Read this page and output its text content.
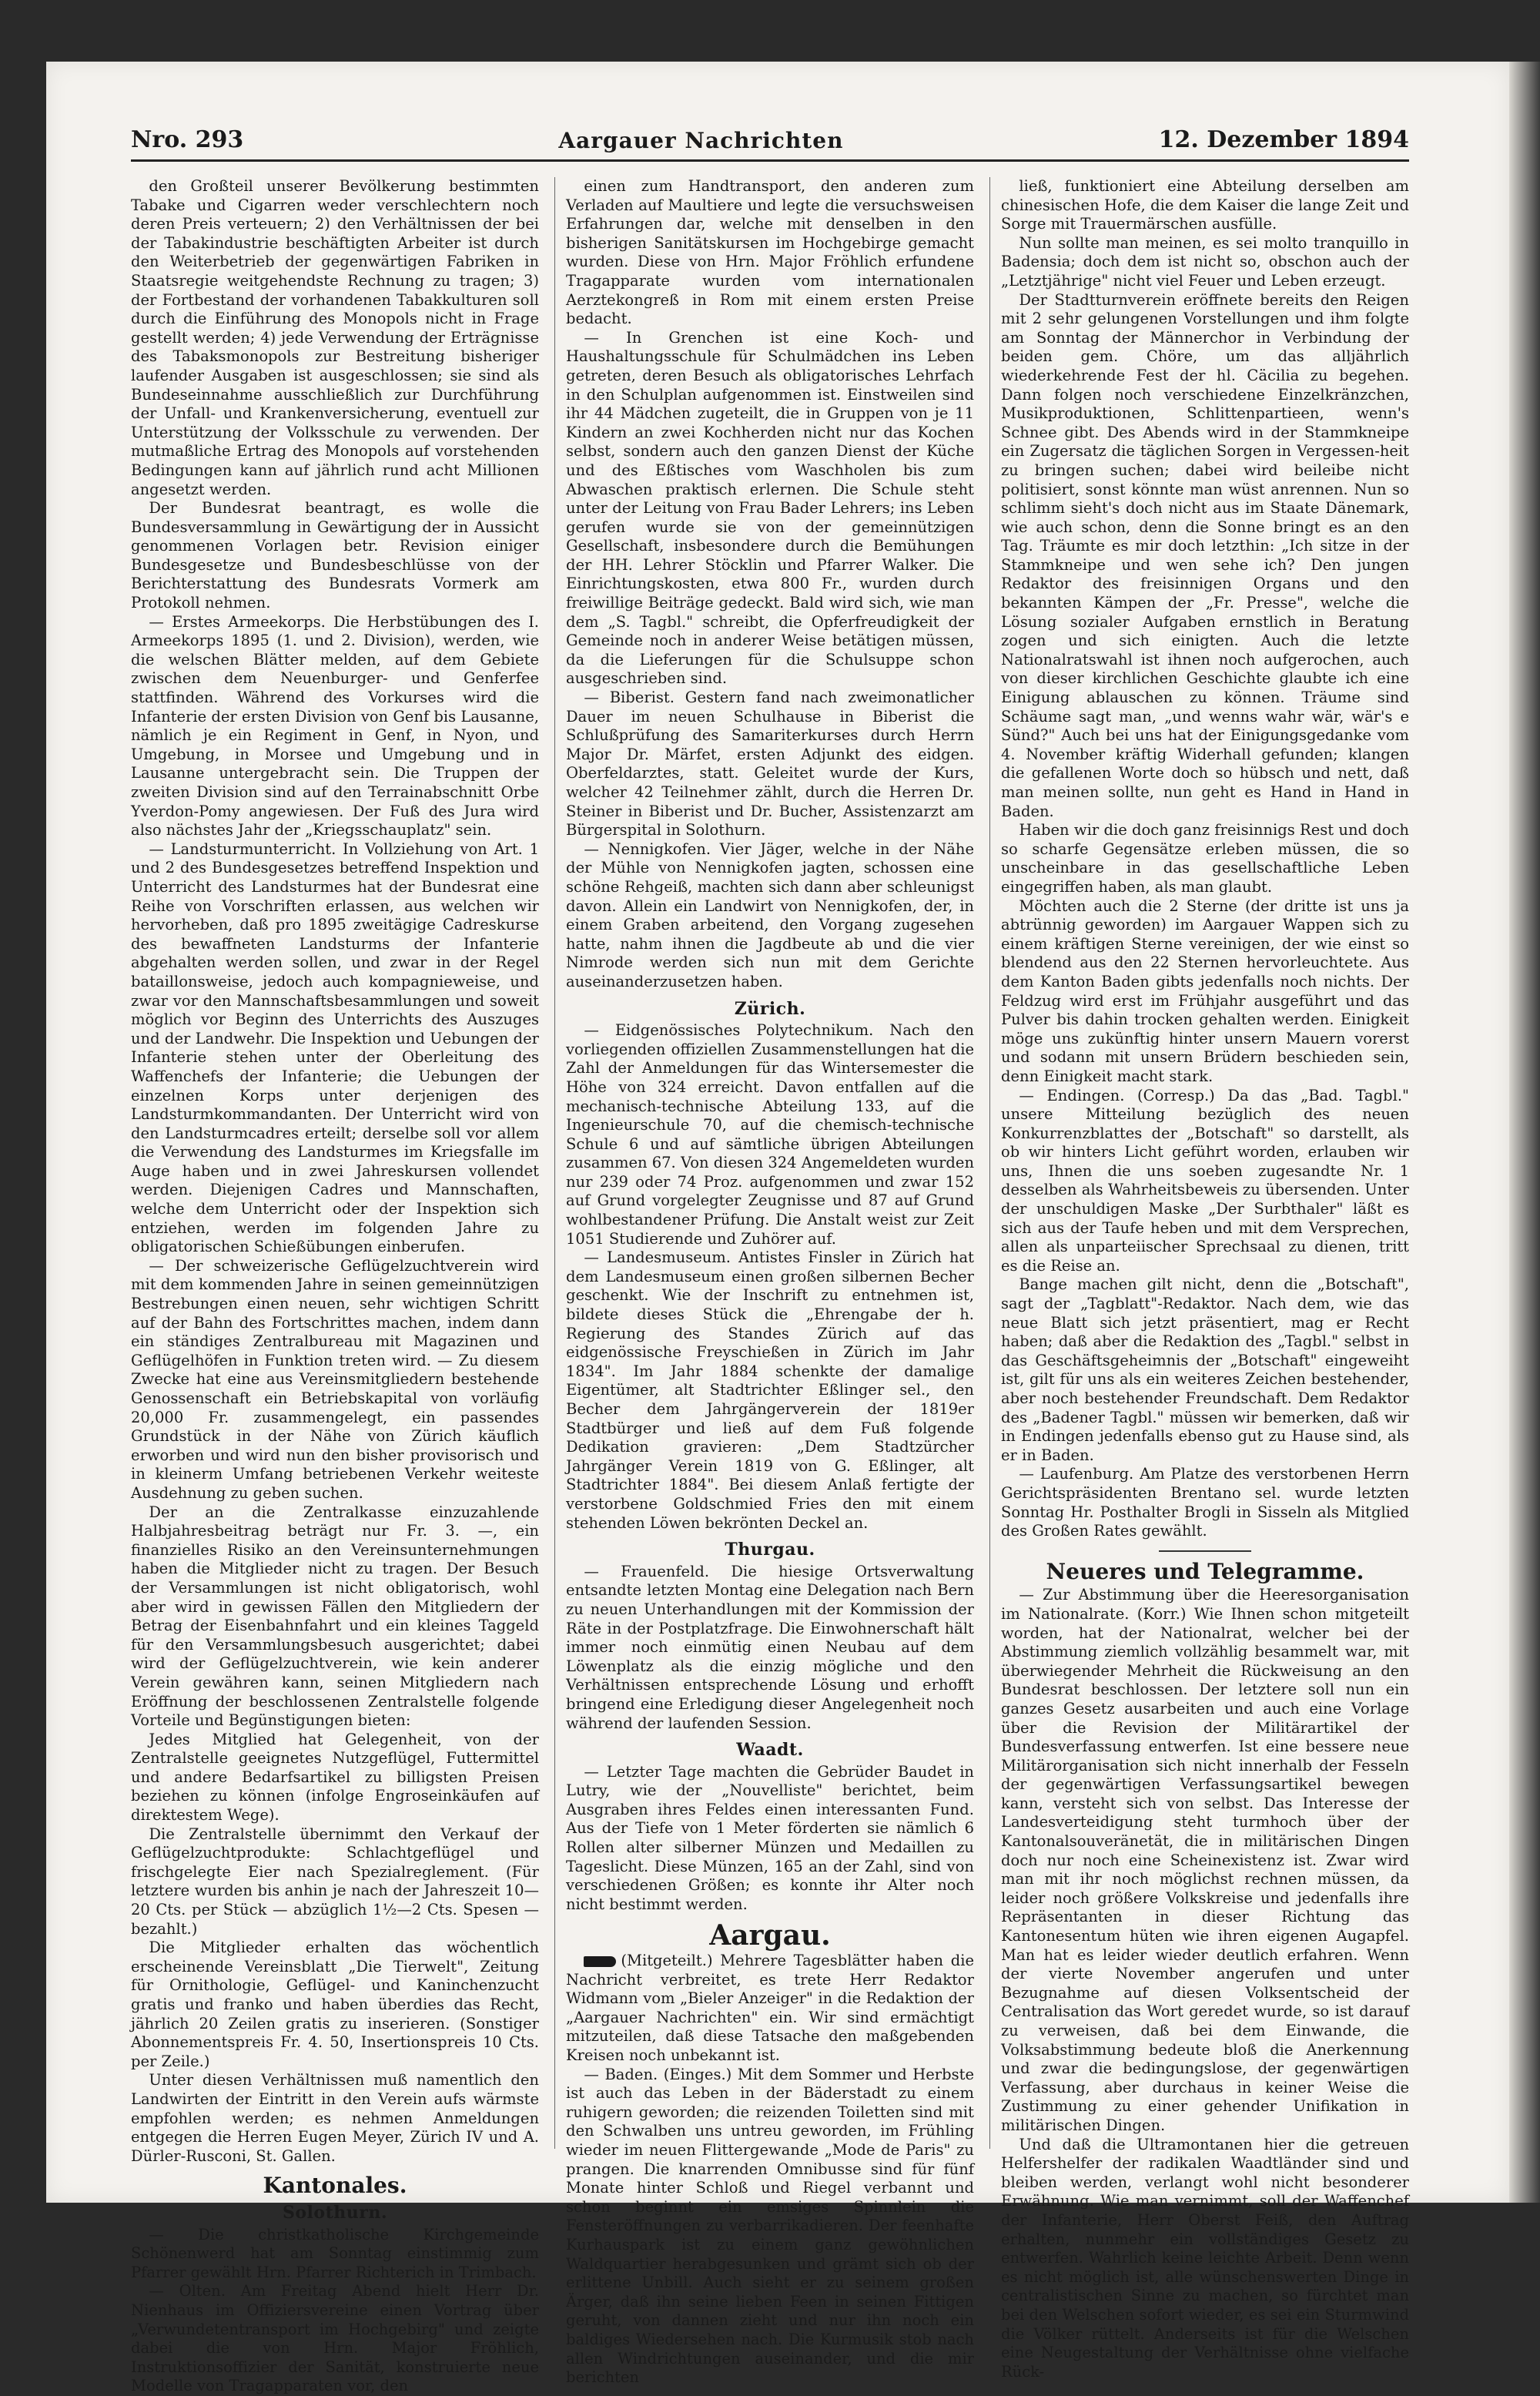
Nro. 293	Aargauer Nachrichten	12. Dezember 1894

den Großteil unserer Bevölkerung bestimmten Tabake und Cigarren weder verschlechtern noch deren Preis verteuern; 2) den Verhältnissen der bei der Tabakindustrie beschäftigten Arbeiter ist durch den Weiterbetrieb der gegenwärtigen Fabriken in Staatsregie weitgehendste Rechnung zu tragen; 3) der Fortbestand der vorhandenen Tabakkulturen soll durch die Einführung des Monopols nicht in Frage gestellt werden; 4) jede Verwendung der Erträgnisse des Tabaksmonopols zur Bestreitung bisheriger laufender Ausgaben ist ausgeschlossen; sie sind als Bundeseinnahme ausschließlich zur Durchführung der Unfall- und Krankenversicherung, eventuell zur Unterstützung der Volksschule zu verwenden. Der mutmaßliche Ertrag des Monopols auf vorstehenden Bedingungen kann auf jährlich rund acht Millionen angesetzt werden.

Der Bundesrat beantragt, es wolle die Bundesversammlung in Gewärtigung der in Aussicht genommenen Vorlagen betr. Revision einiger Bundesgesetze und Bundesbeschlüsse von der Berichterstattung des Bundesrats Vormerk am Protokoll nehmen.

— Erstes Armeekorps. Die Herbstübungen des I. Armeekorps 1895 (1. und 2. Division), werden, wie die welschen Blätter melden, auf dem Gebiete zwischen dem Neuenburger- und Genferfee stattfinden. Während des Vorkurses wird die Infanterie der ersten Division von Genf bis Lausanne, nämlich je ein Regiment in Genf, in Nyon, und Umgebung, in Morsee und Umgebung und in Lausanne untergebracht sein. Die Truppen der zweiten Division sind auf den Terrainabschnitt Orbe Yverdon-Pomy angewiesen. Der Fuß des Jura wird also nächstes Jahr der „Kriegsschauplatz" sein.

— Landsturmunterricht. In Vollziehung von Art. 1 und 2 des Bundesgesetzes betreffend Inspektion und Unterricht des Landsturmes hat der Bundesrat eine Reihe von Vorschriften erlassen, aus welchen wir hervorheben, daß pro 1895 zweitägige Cadreskurse des bewaffneten Landsturms der Infanterie abgehalten werden sollen, und zwar in der Regel bataillonsweise, jedoch auch kompagnieweise, und zwar vor den Mannschaftsbesammlungen und soweit möglich vor Beginn des Unterrichts des Auszuges und der Landwehr. Die Inspektion und Uebungen der Infanterie stehen unter der Oberleitung des Waffenchefs der Infanterie; die Uebungen der einzelnen Korps unter derjenigen des Landsturmkommandanten. Der Unterricht wird von den Landsturmcadres erteilt; derselbe soll vor allem die Verwendung des Landsturmes im Kriegsfalle im Auge haben und in zwei Jahreskursen vollendet werden. Diejenigen Cadres und Mannschaften, welche dem Unterricht oder der Inspektion sich entziehen, werden im folgenden Jahre zu obligatorischen Schießübungen einberufen.

— Der schweizerische Geflügelzuchtverein wird mit dem kommenden Jahre in seinen gemeinnützigen Bestrebungen einen neuen, sehr wichtigen Schritt auf der Bahn des Fortschrittes machen, indem dann ein ständiges Zentralbureau mit Magazinen und Geflügelhöfen in Funktion treten wird. — Zu diesem Zwecke hat eine aus Vereinsmitgliedern bestehende Genossenschaft ein Betriebskapital von vorläufig 20,000 Fr. zusammengelegt, ein passendes Grundstück in der Nähe von Zürich käuflich erworben und wird nun den bisher provisorisch und in kleinerm Umfang betriebenen Verkehr weiteste Ausdehnung zu geben suchen.

Der an die Zentralkasse einzuzahlende Halbjahresbeitrag beträgt nur Fr. 3. —, ein finanzielles Risiko an den Vereinsunternehmungen haben die Mitglieder nicht zu tragen. Der Besuch der Versammlungen ist nicht obligatorisch, wohl aber wird in gewissen Fällen den Mitgliedern der Betrag der Eisenbahnfahrt und ein kleines Taggeld für den Versammlungsbesuch ausgerichtet; dabei wird der Geflügelzuchtverein, wie kein anderer Verein gewähren kann, seinen Mitgliedern nach Eröffnung der beschlossenen Zentralstelle folgende Vorteile und Begünstigungen bieten:

Jedes Mitglied hat Gelegenheit, von der Zentralstelle geeignetes Nutzgeflügel, Futtermittel und andere Bedarfsartikel zu billigsten Preisen beziehen zu können (infolge Engroseinkäufen auf direktestem Wege).

Die Zentralstelle übernimmt den Verkauf der Geflügelzuchtprodukte: Schlachtgeflügel und frischgelegte Eier nach Spezialreglement. (Für letztere wurden bis anhin je nach der Jahreszeit 10—20 Cts. per Stück — abzüglich 1½—2 Cts. Spesen — bezahlt.)

Die Mitglieder erhalten das wöchentlich erscheinende Vereinsblatt „Die Tierwelt", Zeitung für Ornithologie, Geflügel- und Kaninchenzucht gratis und franko und haben überdies das Recht, jährlich 20 Zeilen gratis zu inserieren. (Sonstiger Abonnementspreis Fr. 4. 50, Insertionspreis 10 Cts. per Zeile.)

Unter diesen Verhältnissen muß namentlich den Landwirten der Eintritt in den Verein aufs wärmste empfohlen werden; es nehmen Anmeldungen entgegen die Herren Eugen Meyer, Zürich IV und A. Dürler-Rusconi, St. Gallen.

Kantonales.
Solothurn.

— Die christkatholische Kirchgemeinde Schönenwerd hat am Sonntag einstimmig zum Pfarrer gewählt Hrn. Pfarrer Richterich in Trimbach.

— Olten. Am Freitag Abend hielt Herr Dr. Nienhaus im Offiziersvereine einen Vortrag über „Verwundetentransport im Hochgebirg" und zeigte dabei die von Hrn. Major Fröhlich, Instruktionsoffizier der Sanität, konstruierte neue Modelle von Tragapparaten vor, den

einen zum Handtransport, den anderen zum Verladen auf Maultiere und legte die versuchsweisen Erfahrungen dar, welche mit denselben in den bisherigen Sanitätskursen im Hochgebirge gemacht wurden. Diese von Hrn. Major Fröhlich erfundene Tragapparate wurden vom internationalen Aerztekongreß in Rom mit einem ersten Preise bedacht.

— In Grenchen ist eine Koch- und Haushaltungsschule für Schulmädchen ins Leben getreten, deren Besuch als obligatorisches Lehrfach in den Schulplan aufgenommen ist. Einstweilen sind ihr 44 Mädchen zugeteilt, die in Gruppen von je 11 Kindern an zwei Kochherden nicht nur das Kochen selbst, sondern auch den ganzen Dienst der Küche und des Eßtisches vom Waschholen bis zum Abwaschen praktisch erlernen. Die Schule steht unter der Leitung von Frau Bader Lehrers; ins Leben gerufen wurde sie von der gemeinnützigen Gesellschaft, insbesondere durch die Bemühungen der HH. Lehrer Stöcklin und Pfarrer Walker. Die Einrichtungskosten, etwa 800 Fr., wurden durch freiwillige Beiträge gedeckt. Bald wird sich, wie man dem „S. Tagbl." schreibt, die Opferfreudigkeit der Gemeinde noch in anderer Weise betätigen müssen, da die Lieferungen für die Schulsuppe schon ausgeschrieben sind.

— Biberist. Gestern fand nach zweimonatlicher Dauer im neuen Schulhause in Biberist die Schlußprüfung des Samariterkurses durch Herrn Major Dr. Märfet, ersten Adjunkt des eidgen. Oberfeldarztes, statt. Geleitet wurde der Kurs, welcher 42 Teilnehmer zählt, durch die Herren Dr. Steiner in Biberist und Dr. Bucher, Assistenzarzt am Bürgerspital in Solothurn.

— Nennigkofen. Vier Jäger, welche in der Nähe der Mühle von Nennigkofen jagten, schossen eine schöne Rehgeiß, machten sich dann aber schleunigst davon. Allein ein Landwirt von Nennigkofen, der, in einem Graben arbeitend, den Vorgang zugesehen hatte, nahm ihnen die Jagdbeute ab und die vier Nimrode werden sich nun mit dem Gerichte auseinanderzusetzen haben.

Zürich.

— Eidgenössisches Polytechnikum. Nach den vorliegenden offiziellen Zusammenstellungen hat die Zahl der Anmeldungen für das Wintersemester die Höhe von 324 erreicht. Davon entfallen auf die mechanisch-technische Abteilung 133, auf die Ingenieurschule 70, auf die chemisch-technische Schule 6 und auf sämtliche übrigen Abteilungen zusammen 67. Von diesen 324 Angemeldeten wurden nur 239 oder 74 Proz. aufgenommen und zwar 152 auf Grund vorgelegter Zeugnisse und 87 auf Grund wohlbestandener Prüfung. Die Anstalt weist zur Zeit 1051 Studierende und Zuhörer auf.

— Landesmuseum. Antistes Finsler in Zürich hat dem Landesmuseum einen großen silbernen Becher geschenkt. Wie der Inschrift zu entnehmen ist, bildete dieses Stück die „Ehrengabe der h. Regierung des Standes Zürich auf das eidgenössische Freyschießen in Zürich im Jahr 1834". Im Jahr 1884 schenkte der damalige Eigentümer, alt Stadtrichter Eßlinger sel., den Becher dem Jahrgängerverein der 1819er Stadtbürger und ließ auf dem Fuß folgende Dedikation gravieren: „Dem Stadtzürcher Jahrgänger Verein 1819 von G. Eßlinger, alt Stadtrichter 1884". Bei diesem Anlaß fertigte der verstorbene Goldschmied Fries den mit einem stehenden Löwen bekrönten Deckel an.

Thurgau.

— Frauenfeld. Die hiesige Ortsverwaltung entsandte letzten Montag eine Delegation nach Bern zu neuen Unterhandlungen mit der Kommission der Räte in der Postplatzfrage. Die Einwohnerschaft hält immer noch einmütig einen Neubau auf dem Löwenplatz als die einzig mögliche und den Verhältnissen entsprechende Lösung und erhofft bringend eine Erledigung dieser Angelegenheit noch während der laufenden Session.

Waadt.

— Letzter Tage machten die Gebrüder Baudet in Lutry, wie der „Nouvelliste" berichtet, beim Ausgraben ihres Feldes einen interessanten Fund. Aus der Tiefe von 1 Meter förderten sie nämlich 6 Rollen alter silberner Münzen und Medaillen zu Tageslicht. Diese Münzen, 165 an der Zahl, sind von verschiedenen Größen; es konnte ihr Alter noch nicht bestimmt werden.

Aargau.

(Mitgeteilt.) Mehrere Tagesblätter haben die Nachricht verbreitet, es trete Herr Redaktor Widmann vom „Bieler Anzeiger" in die Redaktion der „Aargauer Nachrichten" ein. Wir sind ermächtigt mitzuteilen, daß diese Tatsache den maßgebenden Kreisen noch unbekannt ist.

— Baden. (Einges.) Mit dem Sommer und Herbste ist auch das Leben in der Bäderstadt zu einem ruhigern geworden; die reizenden Toiletten sind mit den Schwalben uns untreu geworden, im Frühling wieder im neuen Flittergewande „Mode de Paris" zu prangen. Die knarrenden Omnibusse sind für fünf Monate hinter Schloß und Riegel verbannt und schon beginnt ein emsiges Spinnlein die Fensteröffnungen zu verbarrikadieren. Der feenhafte Kurhauspark ist zu einem ganz gewöhnlichen Waldquartier herabgesunken und grämt sich ob der erlittene Unbill. Auch sieht er zu seinem großen Ärger, daß ihn seine lieben Feen in seinen Fittigen geruht, von dannen zieht und nur ihn noch ein baldiges Wiedersehen nach. Die Kurmusik stob nach allen Windrichtungen auseinander, und die mir berichten

ließ, funktioniert eine Abteilung derselben am chinesischen Hofe, die dem Kaiser die lange Zeit und Sorge mit Trauermärschen ausfülle.

Nun sollte man meinen, es sei molto tranquillo in Badensia; doch dem ist nicht so, obschon auch der „Letztjährige" nicht viel Feuer und Leben erzeugt.

Der Stadtturnverein eröffnete bereits den Reigen mit 2 sehr gelungenen Vorstellungen und ihm folgte am Sonntag der Männerchor in Verbindung der beiden gem. Chöre, um das alljährlich wiederkehrende Fest der hl. Cäcilia zu begehen. Dann folgen noch verschiedene Einzelkränzchen, Musikproduktionen, Schlittenpartieen, wenn's Schnee gibt. Des Abends wird in der Stammkneipe ein Zugersatz die täglichen Sorgen in Vergessen-heit zu bringen suchen; dabei wird beileibe nicht politisiert, sonst könnte man wüst anrennen. Nun so schlimm sieht's doch nicht aus im Staate Dänemark, wie auch schon, denn die Sonne bringt es an den Tag. Träumte es mir doch letzthin: „Ich sitze in der Stammkneipe und wen sehe ich? Den jungen Redaktor des freisinnigen Organs und den bekannten Kämpen der „Fr. Presse", welche die Lösung sozialer Aufgaben ernstlich in Beratung zogen und sich einigten. Auch die letzte Nationalratswahl ist ihnen noch aufgerochen, auch von dieser kirchlichen Geschichte glaubte ich eine Einigung ablauschen zu können. Träume sind Schäume sagt man, „und wenns wahr wär, wär's e Sünd?" Auch bei uns hat der Einigungsgedanke vom 4. November kräftig Widerhall gefunden; klangen die gefallenen Worte doch so hübsch und nett, daß man meinen sollte, nun geht es Hand in Hand in Baden.

Haben wir die doch ganz freisinnigs Rest und doch so scharfe Gegensätze erleben müssen, die so unscheinbare in das gesellschaftliche Leben eingegriffen haben, als man glaubt.

Möchten auch die 2 Sterne (der dritte ist uns ja abtrünnig geworden) im Aargauer Wappen sich zu einem kräftigen Sterne vereinigen, der wie einst so blendend aus den 22 Sternen hervorleuchtete. Aus dem Kanton Baden gibts jedenfalls noch nichts. Der Feldzug wird erst im Frühjahr ausgeführt und das Pulver bis dahin trocken gehalten werden. Einigkeit möge uns zukünftig hinter unsern Mauern vorerst und sodann mit unsern Brüdern beschieden sein, denn Einigkeit macht stark.

— Endingen. (Corresp.) Da das „Bad. Tagbl." unsere Mitteilung bezüglich des neuen Konkurrenzblattes der „Botschaft" so darstellt, als ob wir hinters Licht geführt worden, erlauben wir uns, Ihnen die uns soeben zugesandte Nr. 1 desselben als Wahrheitsbeweis zu übersenden. Unter der unschuldigen Maske „Der Surbthaler" läßt es sich aus der Taufe heben und mit dem Versprechen, allen als unparteiischer Sprechsaal zu dienen, tritt es die Reise an.

Bange machen gilt nicht, denn die „Botschaft", sagt der „Tagblatt"-Redaktor. Nach dem, wie das neue Blatt sich jetzt präsentiert, mag er Recht haben; daß aber die Redaktion des „Tagbl." selbst in das Geschäftsgeheimnis der „Botschaft" eingeweiht ist, gilt für uns als ein weiteres Zeichen bestehender, aber noch bestehender Freundschaft. Dem Redaktor des „Badener Tagbl." müssen wir bemerken, daß wir in Endingen jedenfalls ebenso gut zu Hause sind, als er in Baden.

— Laufenburg. Am Platze des verstorbenen Herrn Gerichtspräsidenten Brentano sel. wurde letzten Sonntag Hr. Posthalter Brogli in Sisseln als Mitglied des Großen Rates gewählt.

Neueres und Telegramme.

— Zur Abstimmung über die Heeresorganisation im Nationalrate. (Korr.) Wie Ihnen schon mitgeteilt worden, hat der Nationalrat, welcher bei der Abstimmung ziemlich vollzählig besammelt war, mit überwiegender Mehrheit die Rückweisung an den Bundesrat beschlossen. Der letztere soll nun ein ganzes Gesetz ausarbeiten und auch eine Vorlage über die Revision der Militärartikel der Bundesverfassung entwerfen. Ist eine bessere neue Militärorganisation sich nicht innerhalb der Fesseln der gegenwärtigen Verfassungsartikel bewegen kann, versteht sich von selbst. Das Interesse der Landesverteidigung steht turmhoch über der Kantonalsouveränetät, die in militärischen Dingen doch nur noch eine Scheinexistenz ist. Zwar wird man mit ihr noch möglichst rechnen müssen, da leider noch größere Volkskreise und jedenfalls ihre Repräsentanten in dieser Richtung das Kantonesentum hüten wie ihren eigenen Augapfel. Man hat es leider wieder deutlich erfahren. Wenn der vierte November angerufen und unter Bezugnahme auf diesen Volksentscheid der Centralisation das Wort geredet wurde, so ist darauf zu verweisen, daß bei dem Einwande, die Volksabstimmung bedeute bloß die Anerkennung und zwar die bedingungslose, der gegenwärtigen Verfassung, aber durchaus in keiner Weise die Zustimmung zu einer gehender Unifikation in militärischen Dingen.

Und daß die Ultramontanen hier die getreuen Helfershelfer der radikalen Waadtländer sind und bleiben werden, verlangt wohl nicht besonderer Erwähnung. Wie man vernimmt, soll der Waffenchef der Infanterie, Herr Oberst Feiß, den Auftrag erhalten, nunmehr ein vollständiges Gesetz zu entwerfen. Wahrlich keine leichte Arbeit. Denn wenn es nicht möglich ist, alle wünschenswerten Dinge in centralistischen Sinne zu machen, so fürchtet man bei den Welschen sofort wieder, es sei ein Sturmwind die Völker rüttelt. Anderseits ist für die Welschen eine Neugestaltung der Verhältnisse ohne vielfache Rück-
